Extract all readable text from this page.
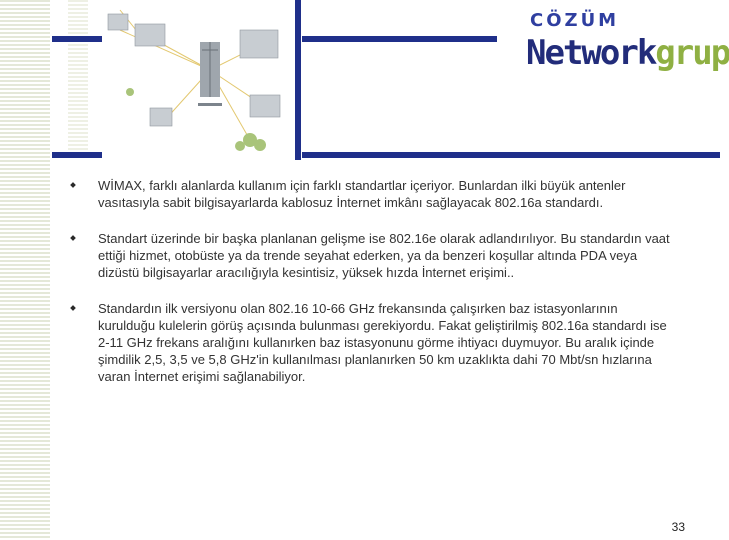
CÖZÜM
Networkgrup
WİMAX, farklı alanlarda kullanım için farklı standartlar içeriyor. Bunlardan ilki büyük antenler vasıtasıyla sabit bilgisayarlarda kablosuz İnternet imkânı sağlayacak 802.16a standardı.
Standart üzerinde bir başka planlanan gelişme ise 802.16e olarak adlandırılıyor. Bu standardın vaat ettiği hizmet, otobüste ya da trende seyahat ederken, ya da benzeri koşullar altında PDA veya dizüstü bilgisayarlar aracılığıyla kesintisiz, yüksek hızda İnternet erişimi..
Standardın ilk versiyonu olan 802.16 10-66 GHz frekansında çalışırken baz istasyonlarının kurulduğu kulelerin görüş açısında bulunması gerekiyordu. Fakat geliştirilmiş 802.16a standardı ise 2-11 GHz frekans aralığını kullanırken baz istasyonunu görme ihtiyacı duymuyor. Bu aralık içinde şimdilik 2,5, 3,5 ve 5,8 GHz'in kullanılması planlanırken 50 km uzaklıkta dahi 70 Mbt/sn hızlarına varan İnternet erişimi sağlanabiliyor.
33
